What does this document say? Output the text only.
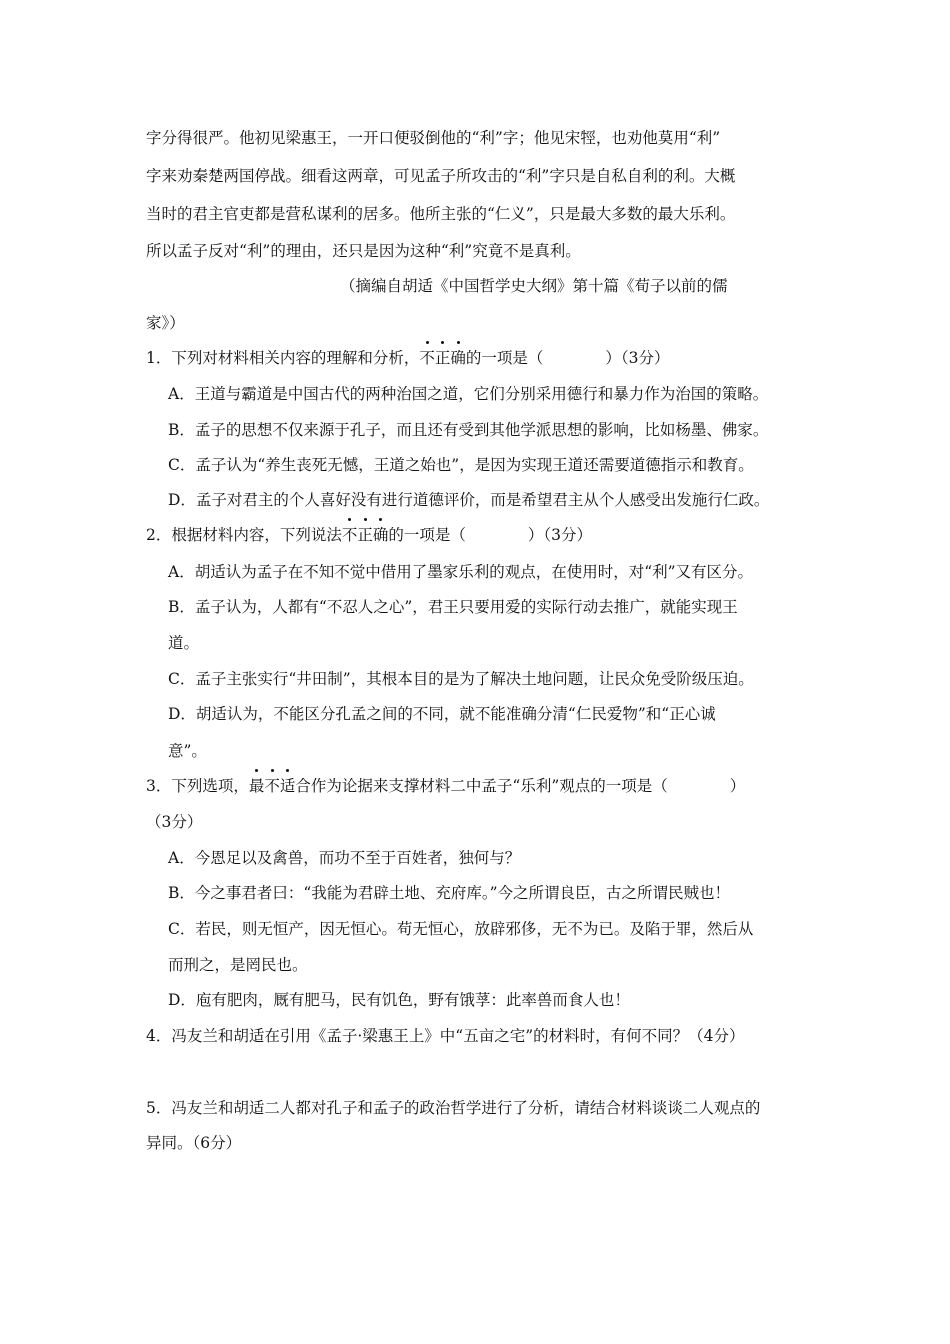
字分得很严。他初见梁惠王，一开口便驳倒他的“利”字；他见宋牼，也劝他莫用“利”
字来劝秦楚两国停战。细看这两章，可见孟子所攻击的“利”字只是自私自利的利。大概
当时的君主官吏都是营私谋利的居多。他所主张的“仁义”，只是最大多数的最大乐利。
所以孟子反对“利”的理由，还只是因为这种“利”究竟不是真利。
（摘编自胡适《中国哲学史大纲》第十篇《荀子以前的儒
家》）
1．下列对材料相关内容的理解和分析，
不正确的一项是（　　　　）（3分）
A．王道与霸道是中国古代的两种治国之道，它们分别采用德行和暴力作为治国的策略。
B．孟子的思想不仅来源于孔子，而且还有受到其他学派思想的影响，比如杨墨、佛家。
C．孟子认为“养生丧死无憾，王道之始也”，是因为实现王道还需要道德指示和教育。
D．孟子对君主的个人喜好没有进行道德评价，而是希望君主从个人感受出发施行仁政。
2．根据材料内容，下列说法
不正确的一项是（　　　　）（3分）
A．胡适认为孟子在不知不觉中借用了墨家乐利的观点，在使用时，对“利”又有区分。
B．孟子认为，人都有“不忍人之心”，君王只要用爱的实际行动去推广，就能实现王
道。
C．孟子主张实行“井田制”，其根本目的是为了解决土地问题，让民众免受阶级压迫。
D．胡适认为，不能区分孔孟之间的不同，就不能准确分清“仁民爱物”和“正心诚
意”。
3．下列选项，
最不适合作为论据来支撑材料二中孟子“乐利”观点的一项是（　　　　）
（3分）
A．今恩足以及禽兽，而功不至于百姓者，独何与？
B．今之事君者曰：“我能为君辟土地、充府库。”今之所谓良臣，古之所谓民贼也！
C．若民，则无恒产，因无恒心。苟无恒心，放辟邪侈，无不为已。及陷于罪，然后从
而刑之，是罔民也。
D．庖有肥肉，厩有肥马，民有饥色，野有饿莩：此率兽而食人也！
4．冯友兰和胡适在引用《孟子·梁惠王上》中“五亩之宅”的材料时，有何不同？（4分）
5．冯友兰和胡适二人都对孔子和孟子的政治哲学进行了分析，请结合材料谈谈二人观点的
异同。（6分）
